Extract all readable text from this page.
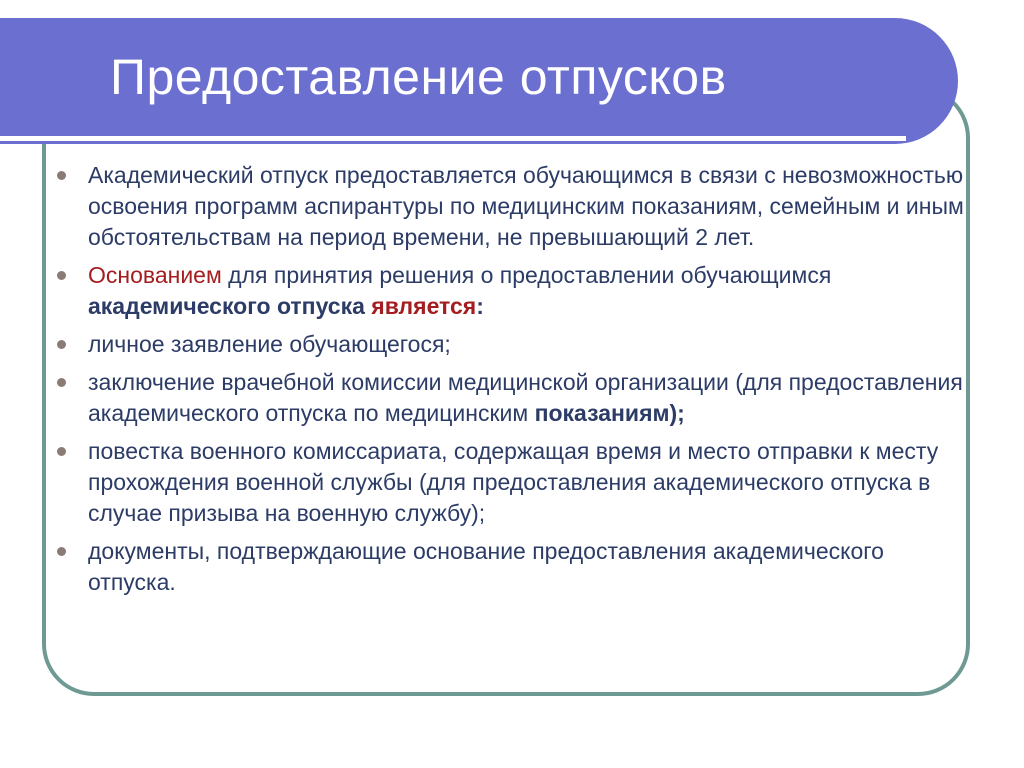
Предоставление отпусков
Академический отпуск предоставляется обучающимся в связи с невозможностью освоения программ аспирантуры по медицинским показаниям, семейным и иным обстоятельствам на период времени, не превышающий 2 лет.
Основанием для принятия решения о предоставлении обучающимся академического отпуска является:
личное заявление обучающегося;
заключение врачебной комиссии медицинской организации (для предоставления академического отпуска по медицинским показаниям);
повестка военного комиссариата, содержащая время и место отправки к месту прохождения военной службы (для предоставления академического отпуска в случае призыва на военную службу);
документы, подтверждающие основание предоставления академического отпуска.
